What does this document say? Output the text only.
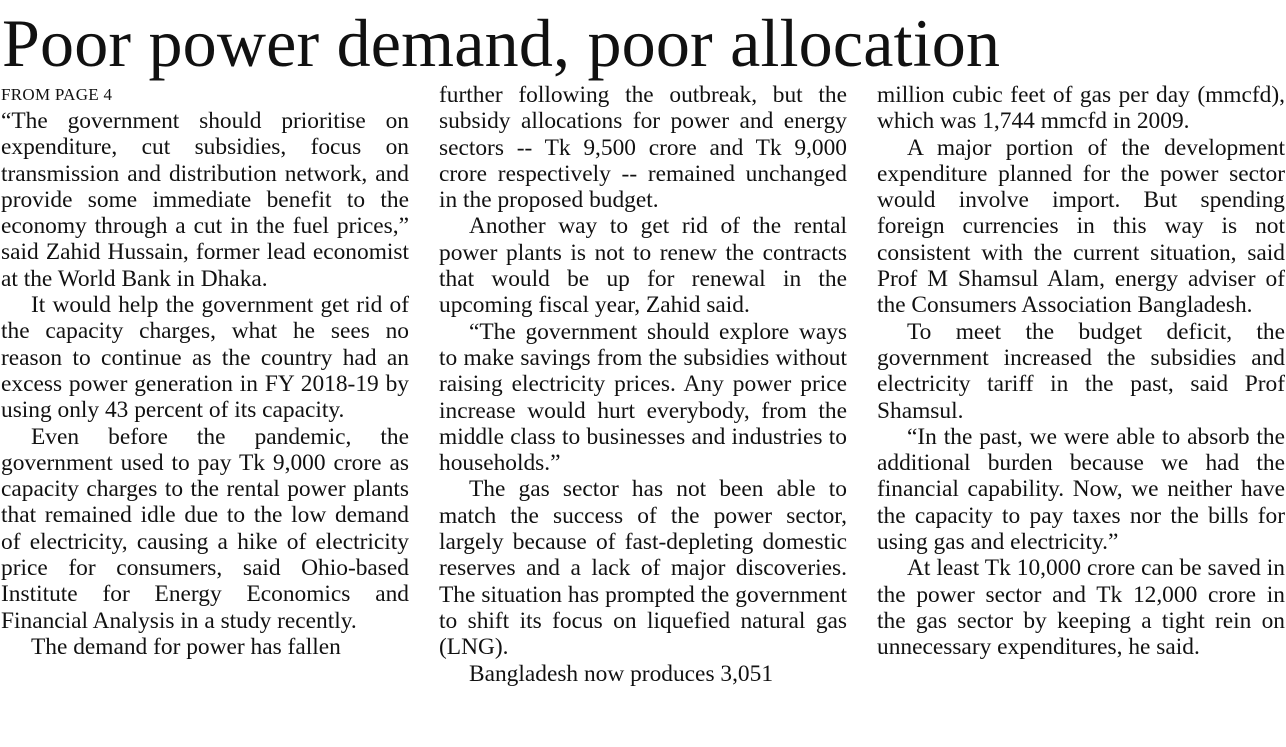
Poor power demand, poor allocation
FROM PAGE 4

“The government should prioritise on expenditure, cut subsidies, focus on transmission and distribution network, and provide some immediate benefit to the economy through a cut in the fuel prices,” said Zahid Hussain, former lead economist at the World Bank in Dhaka.

It would help the government get rid of the capacity charges, what he sees no reason to continue as the country had an excess power generation in FY 2018-19 by using only 43 percent of its capacity.

Even before the pandemic, the government used to pay Tk 9,000 crore as capacity charges to the rental power plants that remained idle due to the low demand of electricity, causing a hike of electricity price for consumers, said Ohio-based Institute for Energy Economics and Financial Analysis in a study recently.

The demand for power has fallen

further following the outbreak, but the subsidy allocations for power and energy sectors -- Tk 9,500 crore and Tk 9,000 crore respectively -- remained unchanged in the proposed budget.

Another way to get rid of the rental power plants is not to renew the contracts that would be up for renewal in the upcoming fiscal year, Zahid said.

“The government should explore ways to make savings from the subsidies without raising electricity prices. Any power price increase would hurt everybody, from the middle class to businesses and industries to households.”

The gas sector has not been able to match the success of the power sector, largely because of fast-depleting domestic reserves and a lack of major discoveries. The situation has prompted the government to shift its focus on liquefied natural gas (LNG).

Bangladesh now produces 3,051

million cubic feet of gas per day (mmcfd), which was 1,744 mmcfd in 2009.

A major portion of the development expenditure planned for the power sector would involve import. But spending foreign currencies in this way is not consistent with the current situation, said Prof M Shamsul Alam, energy adviser of the Consumers Association Bangladesh.

To meet the budget deficit, the government increased the subsidies and electricity tariff in the past, said Prof Shamsul.

“In the past, we were able to absorb the additional burden because we had the financial capability. Now, we neither have the capacity to pay taxes nor the bills for using gas and electricity.”

At least Tk 10,000 crore can be saved in the power sector and Tk 12,000 crore in the gas sector by keeping a tight rein on unnecessary expenditures, he said.
